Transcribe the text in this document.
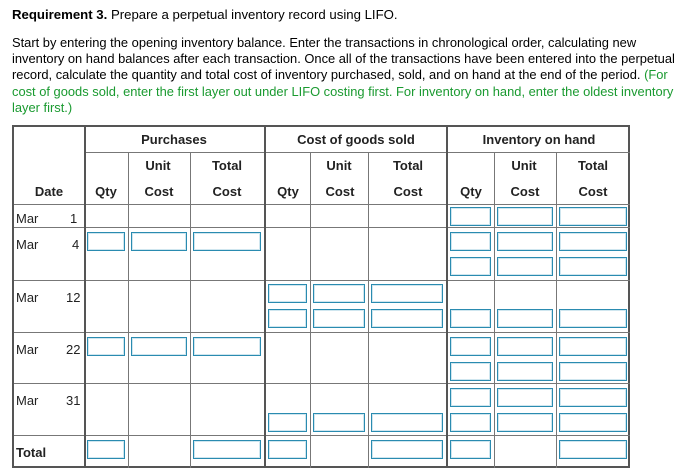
Requirement 3. Prepare a perpetual inventory record using LIFO.
Start by entering the opening inventory balance. Enter the transactions in chronological order, calculating new inventory on hand balances after each transaction. Once all of the transactions have been entered into the perpetual record, calculate the quantity and total cost of inventory purchased, sold, and on hand at the end of the period. (For cost of goods sold, enter the first layer out under LIFO costing first. For inventory on hand, enter the oldest inventory layer first.)
Purchases	Cost of goods sold	Inventory on hand
Unit	Total	Unit	Total	Unit	Total
Date	Qty	Cost	Cost	Qty	Cost	Cost	Qty	Cost	Cost
Mar 1
Mar	4
Mar 12
Mar 22
Mar 31
Total
